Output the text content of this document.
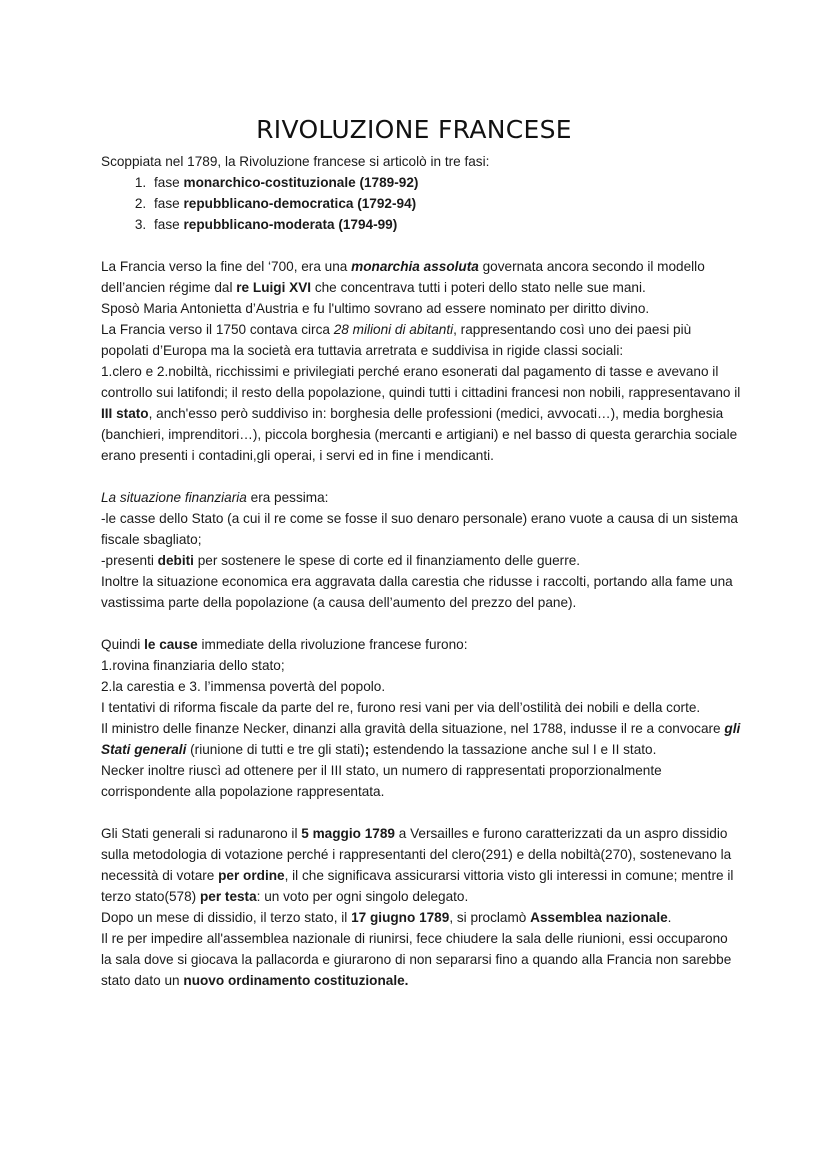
RIVOLUZIONE FRANCESE

Scoppiata nel 1789, la Rivoluzione francese si articolò in tre fasi:

1. fase monarchico-costituzionale (1789-92)
2. fase repubblicano-democratica (1792-94)
3. fase repubblicano-moderata (1794-99)

La Francia verso la fine del ‘700, era una monarchia assoluta governata ancora secondo il modello dell’ancien régime dal re Luigi XVI che concentrava tutti i poteri dello stato nelle sue mani.
Sposò Maria Antonietta d’Austria e fu l'ultimo sovrano ad essere nominato per diritto divino.
La Francia verso il 1750 contava circa 28 milioni di abitanti, rappresentando così uno dei paesi più popolati d’Europa ma la società era tuttavia arretrata e suddivisa in rigide classi sociali:
1.clero e 2.nobiltà, ricchissimi e privilegiati perché erano esonerati dal pagamento di tasse e avevano il controllo sui latifondi; il resto della popolazione, quindi tutti i cittadini francesi non nobili, rappresentavano il III stato, anch'esso però suddiviso in: borghesia delle professioni (medici, avvocati…), media borghesia (banchieri, imprenditori…), piccola borghesia (mercanti e artigiani) e nel basso di questa gerarchia sociale erano presenti i contadini,gli operai, i servi ed in fine i mendicanti.

La situazione finanziaria era pessima:
-le casse dello Stato (a cui il re come se fosse il suo denaro personale) erano vuote a causa di un sistema fiscale sbagliato;
-presenti debiti per sostenere le spese di corte ed il finanziamento delle guerre.
Inoltre la situazione economica era aggravata dalla carestia che ridusse i raccolti, portando alla fame una vastissima parte della popolazione (a causa dell’aumento del prezzo del pane).

Quindi le cause immediate della rivoluzione francese furono:
1.rovina finanziaria dello stato;
2.la carestia e 3. l’immensa povertà del popolo.
I tentativi di riforma fiscale da parte del re, furono resi vani per via dell’ostilità dei nobili e della corte.
Il ministro delle finanze Necker, dinanzi alla gravità della situazione, nel 1788, indusse il re a convocare gli Stati generali (riunione di tutti e tre gli stati); estendendo la tassazione anche sul I e II stato.
Necker inoltre riuscì ad ottenere per il III stato, un numero di rappresentati proporzionalmente corrispondente alla popolazione rappresentata.

Gli Stati generali si radunarono il 5 maggio 1789 a Versailles e furono caratterizzati da un aspro dissidio sulla metodologia di votazione perché i rappresentanti del clero(291) e della nobiltà(270), sostenevano la necessità di votare per ordine, il che significava assicurarsi vittoria visto gli interessi in comune; mentre il terzo stato(578) per testa: un voto per ogni singolo delegato.
Dopo un mese di dissidio, il terzo stato, il 17 giugno 1789, si proclamò Assemblea nazionale.
Il re per impedire all'assemblea nazionale di riunirsi, fece chiudere la sala delle riunioni, essi occuparono la sala dove si giocava la pallacorda e giurarono di non separarsi fino a quando alla Francia non sarebbe stato dato un nuovo ordinamento costituzionale.
